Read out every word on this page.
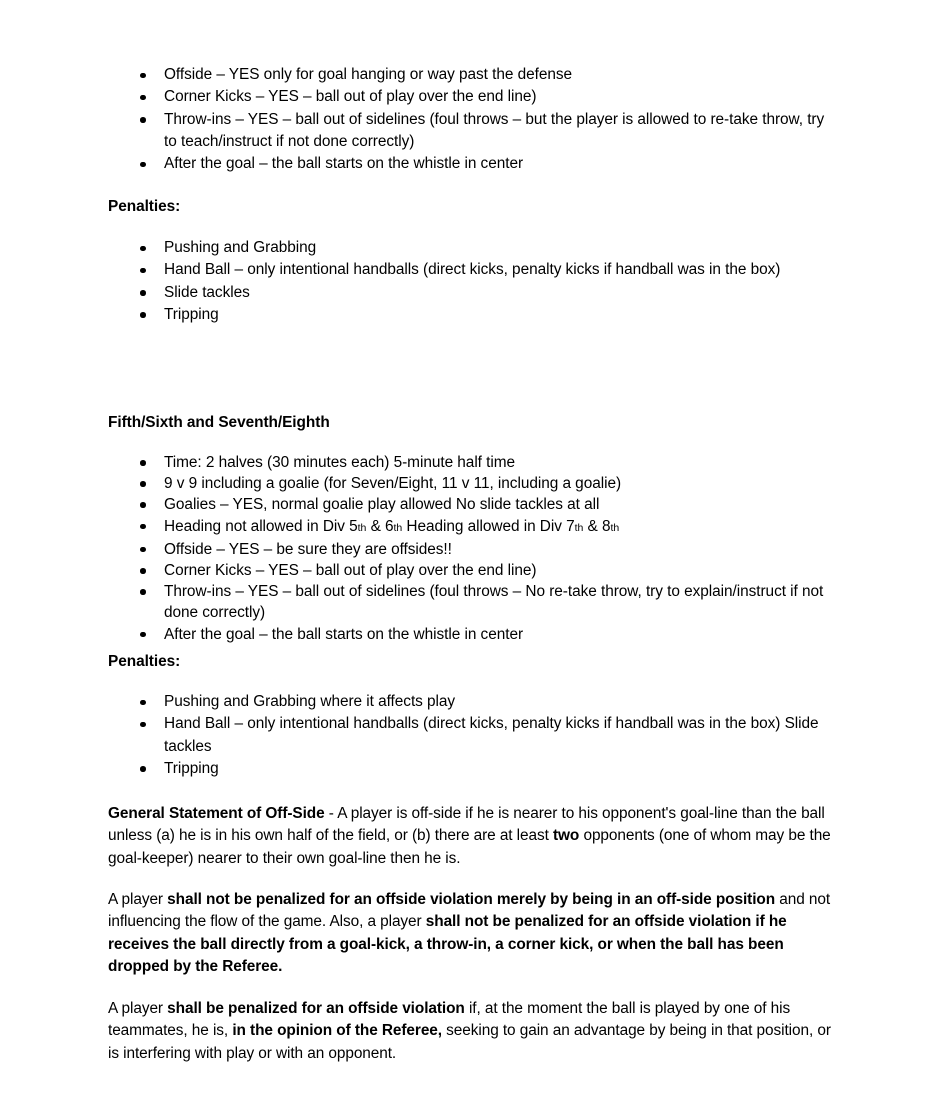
Offside – YES only for goal hanging or way past the defense
Corner Kicks – YES – ball out of play over the end line)
Throw-ins – YES – ball out of sidelines (foul throws – but the player is allowed to re-take throw, try to teach/instruct if not done correctly)
After the goal – the ball starts on the whistle in center
Penalties:
Pushing and Grabbing
Hand Ball – only intentional handballs (direct kicks, penalty kicks if handball was in the box)
Slide tackles
Tripping
Fifth/Sixth and Seventh/Eighth
Time: 2 halves (30 minutes each) 5-minute half time
9 v 9 including a goalie (for Seven/Eight, 11 v 11, including a goalie)
Goalies – YES, normal goalie play allowed No slide tackles at all
Heading not allowed in Div 5th & 6th Heading allowed in Div 7th & 8th
Offside – YES – be sure they are offsides!!
Corner Kicks – YES – ball out of play over the end line)
Throw-ins – YES – ball out of sidelines (foul throws – No re-take throw, try to explain/instruct if not done correctly)
After the goal – the ball starts on the whistle in center
Penalties:
Pushing and Grabbing where it affects play
Hand Ball – only intentional handballs (direct kicks, penalty kicks if handball was in the box) Slide tackles
Tripping

General Statement of Off-Side - A player is off-side if he is nearer to his opponent's goal-line than the ball unless (a) he is in his own half of the field, or (b) there are at least two opponents (one of whom may be the goal-keeper) nearer to their own goal-line then he is.

A player shall not be penalized for an offside violation merely by being in an off-side position and not influencing the flow of the game. Also, a player shall not be penalized for an offside violation if he receives the ball directly from a goal-kick, a throw-in, a corner kick, or when the ball has been dropped by the Referee.

A player shall be penalized for an offside violation if, at the moment the ball is played by one of his teammates, he is, in the opinion of the Referee, seeking to gain an advantage by being in that position, or is interfering with play or with an opponent.
